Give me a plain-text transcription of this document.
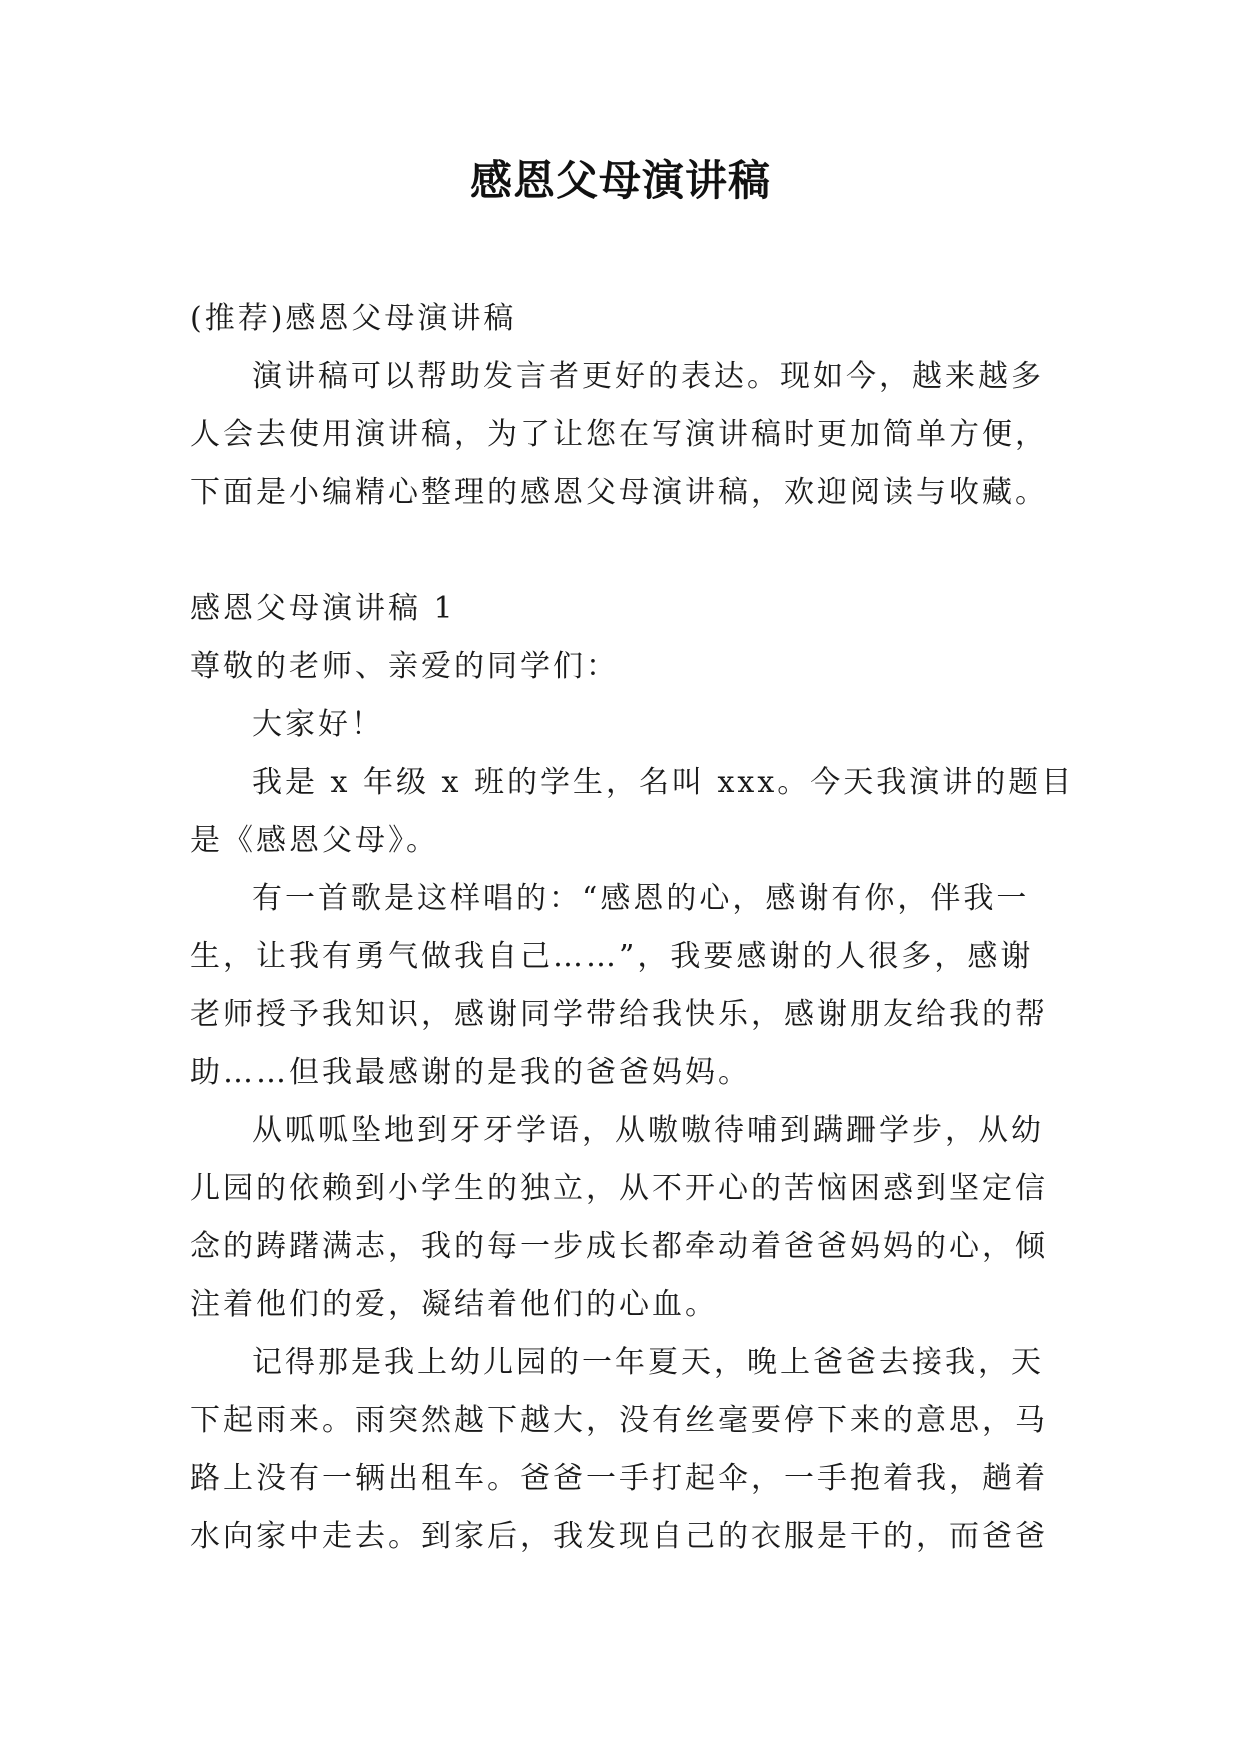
感恩父母演讲稿
(推荐)感恩父母演讲稿
演讲稿可以帮助发言者更好的表达。现如今，越来越多
人会去使用演讲稿，为了让您在写演讲稿时更加简单方便，
下面是小编精心整理的感恩父母演讲稿，欢迎阅读与收藏。
感恩父母演讲稿 1
尊敬的老师、亲爱的同学们：
大家好！
我是 x 年级 x 班的学生，名叫 xxx。今天我演讲的题目
是《感恩父母》。
有一首歌是这样唱的：“感恩的心，感谢有你，伴我一
生，让我有勇气做我自己……”，我要感谢的人很多，感谢
老师授予我知识，感谢同学带给我快乐，感谢朋友给我的帮
助……但我最感谢的是我的爸爸妈妈。
从呱呱坠地到牙牙学语，从嗷嗷待哺到蹒跚学步，从幼
儿园的依赖到小学生的独立，从不开心的苦恼困惑到坚定信
念的踌躇满志，我的每一步成长都牵动着爸爸妈妈的心，倾
注着他们的爱，凝结着他们的心血。
记得那是我上幼儿园的一年夏天，晚上爸爸去接我，天
下起雨来。雨突然越下越大，没有丝毫要停下来的意思，马
路上没有一辆出租车。爸爸一手打起伞，一手抱着我，趟着
水向家中走去。到家后，我发现自己的衣服是干的，而爸爸
